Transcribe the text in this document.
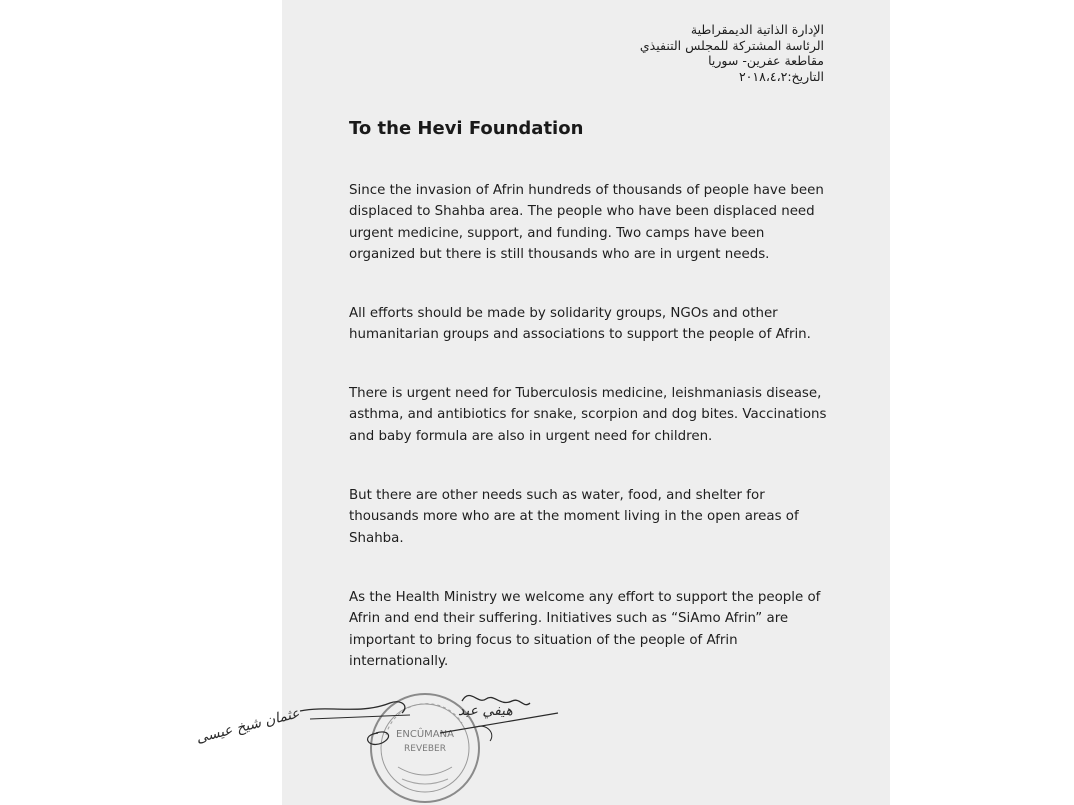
الإدارة الذاتية الديمقراطية
الرئاسة المشتركة للمجلس التنفيذي
مقاطعة عفرين- سوريا
التاريخ:٢٠١٨،٤،٢
To the Hevi Foundation

Since the invasion of Afrin hundreds of thousands of people have been displaced to Shahba area. The people who have been displaced need urgent medicine, support, and funding. Two camps have been organized but there is still thousands who are in urgent needs.

All efforts should be made by solidarity groups, NGOs and other humanitarian groups and associations to support the people of Afrin.

There is urgent need for Tuberculosis medicine, leishmaniasis disease, asthma, and antibiotics for snake, scorpion and dog bites. Vaccinations and baby formula are also in urgent need for children.

But there are other needs such as water, food, and shelter for thousands more who are at the moment living in the open areas of Shahba.

As the Health Ministry we welcome any effort to support the people of Afrin and end their suffering. Initiatives such as “SiAmo Afrin” are important to bring focus to situation of the people of Afrin internationally.

ENCÛMANA
REVEBER
عثمان شيخ عيسى	هيفي عبد
